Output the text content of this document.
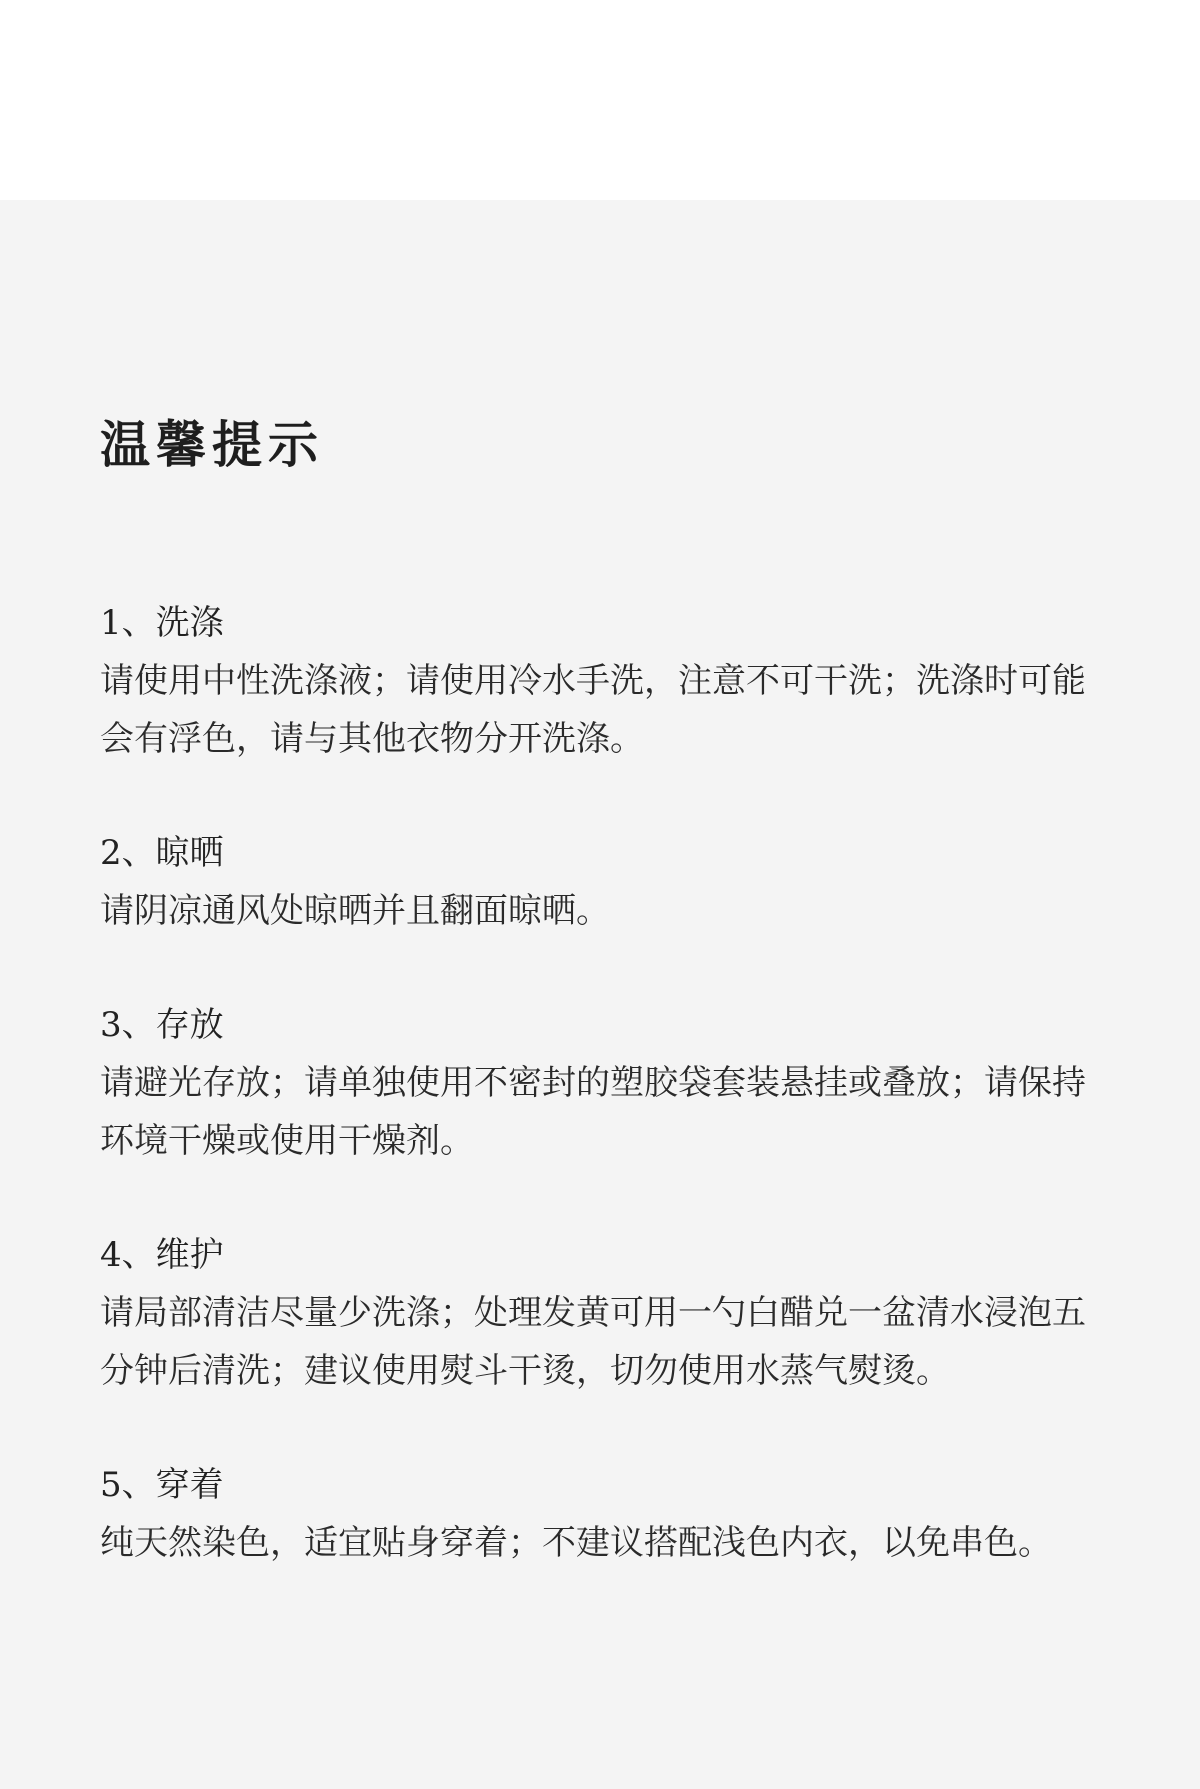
温馨提示
1、洗涤
请使用中性洗涤液；请使用冷水手洗，注意不可干洗；洗涤时可能会有浮色，请与其他衣物分开洗涤。
2、晾晒
请阴凉通风处晾晒并且翻面晾晒。
3、存放
请避光存放；请单独使用不密封的塑胶袋套装悬挂或叠放；请保持环境干燥或使用干燥剂。
4、维护
请局部清洁尽量少洗涤；处理发黄可用一勺白醋兑一盆清水浸泡五分钟后清洗；建议使用熨斗干烫，切勿使用水蒸气熨烫。
5、穿着
纯天然染色，适宜贴身穿着；不建议搭配浅色内衣，以免串色。
